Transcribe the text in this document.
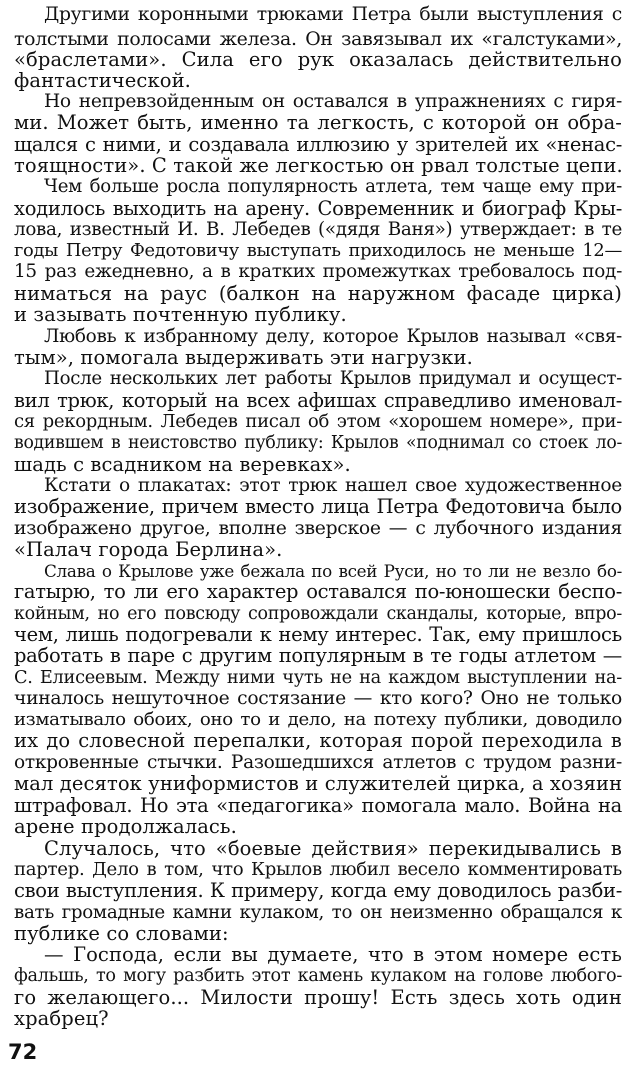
Другими коронными трюками Петра были выступления с
толстыми полосами железа. Он завязывал их «галстуками»,
«браслетами». Сила его рук оказалась действительно
фантастической.
Но непревзойденным он оставался в упражнениях с гиря-
ми. Может быть, именно та легкость, с которой он обра-
щался с ними, и создавала иллюзию у зрителей их «ненас-
тоящности». С такой же легкостью он рвал толстые цепи.
Чем больше росла популярность атлета, тем чаще ему при-
ходилось выходить на арену. Современник и биограф Кры-
лова, известный И. В. Лебедев («дядя Ваня») утверждает: в те
годы Петру Федотовичу выступать приходилось не меньше 12—
15 раз ежедневно, а в кратких промежутках требовалось под-
ниматься на раус (балкон на наружном фасаде цирка)
и зазывать почтенную публику.
Любовь к избранному делу, которое Крылов называл «свя-
тым», помогала выдерживать эти нагрузки.
После нескольких лет работы Крылов придумал и осущест-
вил трюк, который на всех афишах справедливо именовал-
ся рекордным. Лебедев писал об этом «хорошем номере», при-
водившем в неистовство публику: Крылов «поднимал со стоек ло-
шадь с всадником на веревках».
Кстати о плакатах: этот трюк нашел свое художественное
изображение, причем вместо лица Петра Федотовича было
изображено другое, вполне зверское — с лубочного издания
«Палач города Берлина».
Слава о Крылове уже бежала по всей Руси, но то ли не везло бо-
гатырю, то ли его характер оставался по-юношески беспо-
койным, но его повсюду сопровождали скандалы, которые, впро-
чем, лишь подогревали к нему интерес. Так, ему пришлось
работать в паре с другим популярным в те годы атлетом —
С. Елисеевым. Между ними чуть не на каждом выступлении на-
чиналось нешуточное состязание — кто кого? Оно не только
изматывало обоих, оно то и дело, на потеху публики, доводило
их до словесной перепалки, которая порой переходила в
откровенные стычки. Разошедшихся атлетов с трудом разни-
мал десяток униформистов и служителей цирка, а хозяин
штрафовал. Но эта «педагогика» помогала мало. Война на
арене продолжалась.
Случалось, что «боевые действия» перекидывались в
партер. Дело в том, что Крылов любил весело комментировать
свои выступления. К примеру, когда ему доводилось разби-
вать громадные камни кулаком, то он неизменно обращался к
публике со словами:
— Господа, если вы думаете, что в этом номере есть
фальшь, то могу разбить этот камень кулаком на голове любого-
го желающего... Милости прошу! Есть здесь хоть один
храбрец?
72
